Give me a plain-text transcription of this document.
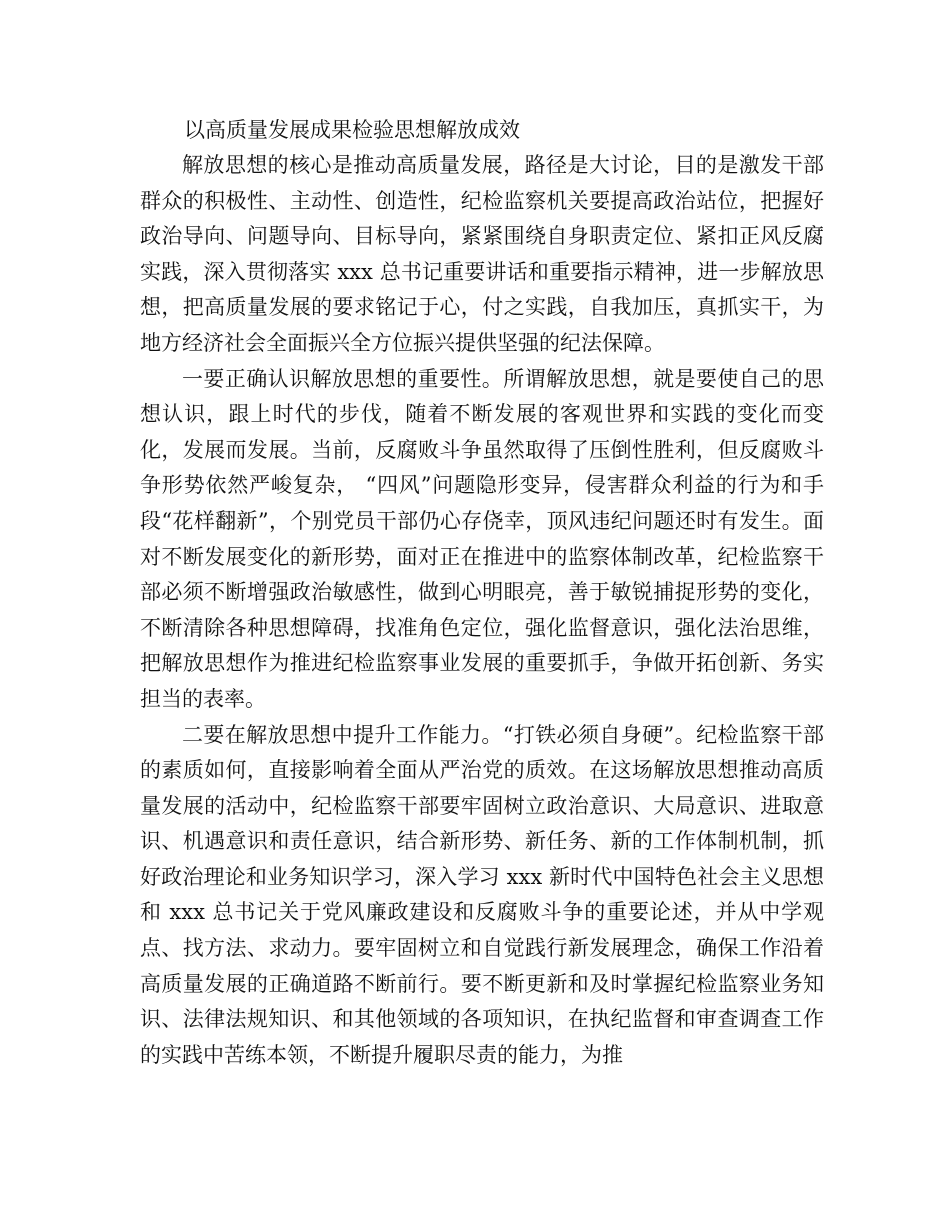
以高质量发展成果检验思想解放成效

解放思想的核心是推动高质量发展，路径是大讨论，目的是激发干部群众的积极性、主动性、创造性，纪检监察机关要提高政治站位，把握好政治导向、问题导向、目标导向，紧紧围绕自身职责定位、紧扣正风反腐实践，深入贯彻落实 xxx 总书记重要讲话和重要指示精神，进一步解放思想，把高质量发展的要求铭记于心，付之实践，自我加压，真抓实干，为地方经济社会全面振兴全方位振兴提供坚强的纪法保障。

一要正确认识解放思想的重要性。所谓解放思想，就是要使自己的思想认识，跟上时代的步伐，随着不断发展的客观世界和实践的变化而变化，发展而发展。当前，反腐败斗争虽然取得了压倒性胜利，但反腐败斗争形势依然严峻复杂， “四风”问题隐形变异，侵害群众利益的行为和手段“花样翻新”，个别党员干部仍心存侥幸，顶风违纪问题还时有发生。面对不断发展变化的新形势，面对正在推进中的监察体制改革，纪检监察干部必须不断增强政治敏感性，做到心明眼亮，善于敏锐捕捉形势的变化，不断清除各种思想障碍，找准角色定位，强化监督意识，强化法治思维，把解放思想作为推进纪检监察事业发展的重要抓手，争做开拓创新、务实担当的表率。

二要在解放思想中提升工作能力。“打铁必须自身硬”。纪检监察干部的素质如何，直接影响着全面从严治党的质效。在这场解放思想推动高质量发展的活动中，纪检监察干部要牢固树立政治意识、大局意识、进取意识、机遇意识和责任意识，结合新形势、新任务、新的工作体制机制，抓好政治理论和业务知识学习，深入学习 xxx 新时代中国特色社会主义思想和 xxx 总书记关于党风廉政建设和反腐败斗争的重要论述，并从中学观点、找方法、求动力。要牢固树立和自觉践行新发展理念，确保工作沿着高质量发展的正确道路不断前行。要不断更新和及时掌握纪检监察业务知识、法律法规知识、和其他领域的各项知识，在执纪监督和审查调查工作的实践中苦练本领，不断提升履职尽责的能力，为推
